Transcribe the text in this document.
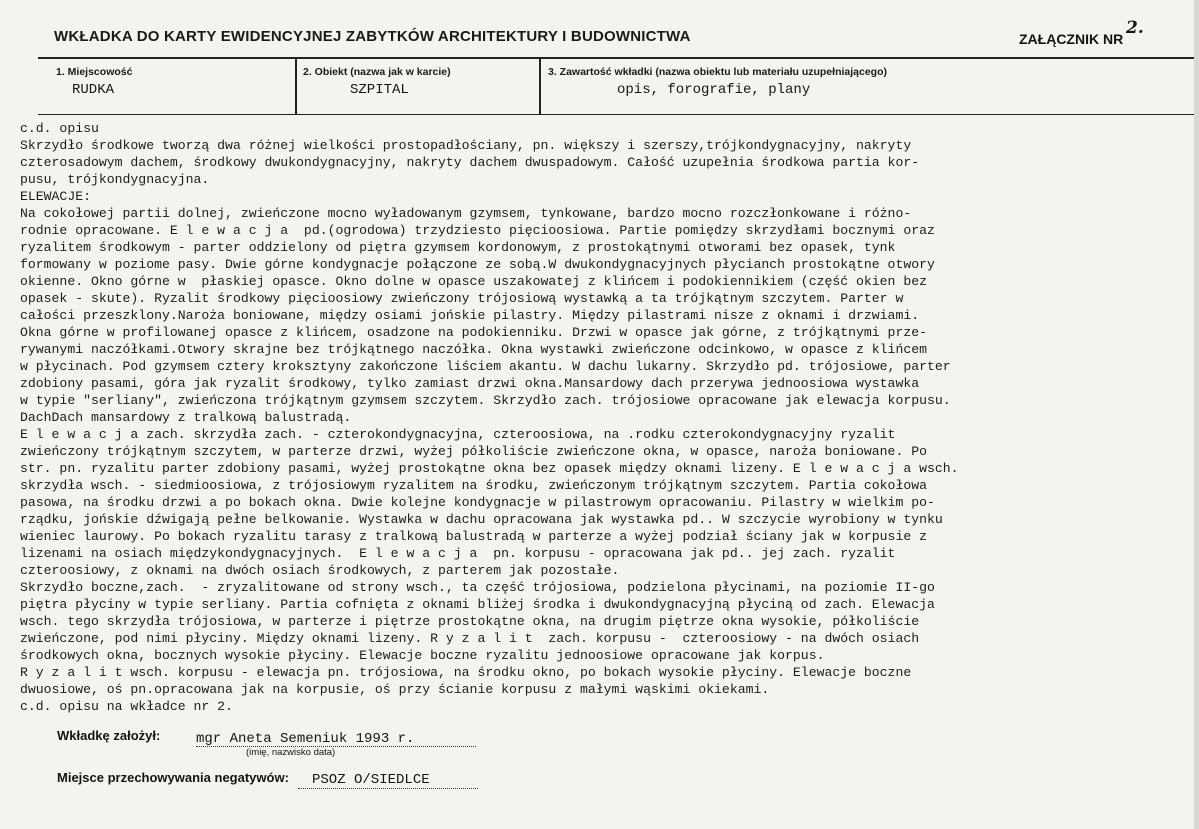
WKŁADKA DO KARTY EWIDENCYJNEJ ZABYTKÓW ARCHITEKTURY I BUDOWNICTWA	ZAŁĄCZNIK NR
2.
1. Miejscowość
RUDKA
2. Obiekt (nazwa jak w karcie)
SZPITAL
3. Zawartość wkładki (nazwa obiektu lub materiału uzupełniającego)
opis, forografie, plany
c.d. opisu
Skrzydło środkowe tworzą dwa różnej wielkości prostopadłościany, pn. większy i szerszy,trójkondygnacyjny, nakryty
czterosadowym dachem, środkowy dwukondygnacyjny, nakryty dachem dwuspadowym. Całość uzupełnia środkowa partia kor-
pusu, trójkondygnacyjna.
ELEWACJE:
Na cokołowej partii dolnej, zwieńczone mocno wyładowanym gzymsem, tynkowane, bardzo mocno rozczłonkowane i różno-
rodnie opracowane. E l e w a c j a  pd.(ogrodowa) trzydziesto pięcioosiowa. Partie pomiędzy skrzydłami bocznymi oraz
ryzalitem środkowym - parter oddzielony od piętra gzymsem kordonowym, z prostokątnymi otworami bez opasek, tynk
formowany w poziome pasy. Dwie górne kondygnacje połączone ze sobą.W dwukondygnacyjnych płycianch prostokątne otwory
okienne. Okno górne w  płaskiej opasce. Okno dolne w opasce uszakowatej z klińcem i podokiennikiem (część okien bez
opasek - skute). Ryzalit środkowy pięcioosiowy zwieńczony trójosiową wystawką a ta trójkątnym szczytem. Parter w
całości przeszklony.Naroża boniowane, między osiami jońskie pilastry. Między pilastrami nisze z oknami i drzwiami.
Okna górne w profilowanej opasce z klińcem, osadzone na podokienniku. Drzwi w opasce jak górne, z trójkątnymi prze-
rywanymi naczółkami.Otwory skrajne bez trójkątnego naczółka. Okna wystawki zwieńczone odcinkowo, w opasce z klińcem
w płycinach. Pod gzymsem cztery kroksztyny zakończone liściem akantu. W dachu lukarny. Skrzydło pd. trójosiowe, parter
zdobiony pasami, góra jak ryzalit środkowy, tylko zamiast drzwi okna.Mansardowy dach przerywa jednoosiowa wystawka
w typie "serliany", zwieńczona trójkątnym gzymsem szczytem. Skrzydło zach. trójosiowe opracowane jak elewacja korpusu.
DachDach mansardowy z tralkową balustradą.
E l e w a c j a zach. skrzydła zach. - czterokondygnacyjna, czteroosiowa, na .rodku czterokondygnacyjny ryzalit
zwieńczony trójkątnym szczytem, w parterze drzwi, wyżej półkoliście zwieńczone okna, w opasce, naroża boniowane. Po
str. pn. ryzalitu parter zdobiony pasami, wyżej prostokątne okna bez opasek między oknami lizeny. E l e w a c j a wsch.
skrzydła wsch. - siedmioosiowa, z trójosiowym ryzalitem na środku, zwieńczonym trójkątnym szczytem. Partia cokołowa
pasowa, na środku drzwi a po bokach okna. Dwie kolejne kondygnacje w pilastrowym opracowaniu. Pilastry w wielkim po-
rządku, jońskie dźwigają pełne belkowanie. Wystawka w dachu opracowana jak wystawka pd.. W szczycie wyrobiony w tynku
wieniec laurowy. Po bokach ryzalitu tarasy z tralkową balustradą w parterze a wyżej podział ściany jak w korpusie z
lizenami na osiach międzykondygnacyjnych.  E l e w a c j a  pn. korpusu - opracowana jak pd.. jej zach. ryzalit
czteroosiowy, z oknami na dwóch osiach środkowych, z parterem jak pozostałe.
Skrzydło boczne,zach.  - zryzalitowane od strony wsch., ta część trójosiowa, podzielona płycinami, na poziomie II-go
piętra płyciny w typie serliany. Partia cofnięta z oknami bliżej środka i dwukondygnacyjną płyciną od zach. Elewacja
wsch. tego skrzydła trójosiowa, w parterze i piętrze prostokątne okna, na drugim piętrze okna wysokie, półkoliście
zwieńczone, pod nimi płyciny. Między oknami lizeny. R y z a l i t  zach. korpusu -  czteroosiowy - na dwóch osiach
środkowych okna, bocznych wysokie płyciny. Elewacje boczne ryzalitu jednoosiowe opracowane jak korpus.
R y z a l i t wsch. korpusu - elewacja pn. trójosiowa, na środku okno, po bokach wysokie płyciny. Elewacje boczne
dwuosiowe, oś pn.opracowana jak na korpusie, oś przy ścianie korpusu z małymi wąskimi okiekami.
c.d. opisu na wkładce nr 2.
Wkładkę założył:	mgr Aneta Semeniuk 1993 r.
(imię, nazwisko data)
Miejsce przechowywania negatywów: PSOZ O/SIEDLCE
